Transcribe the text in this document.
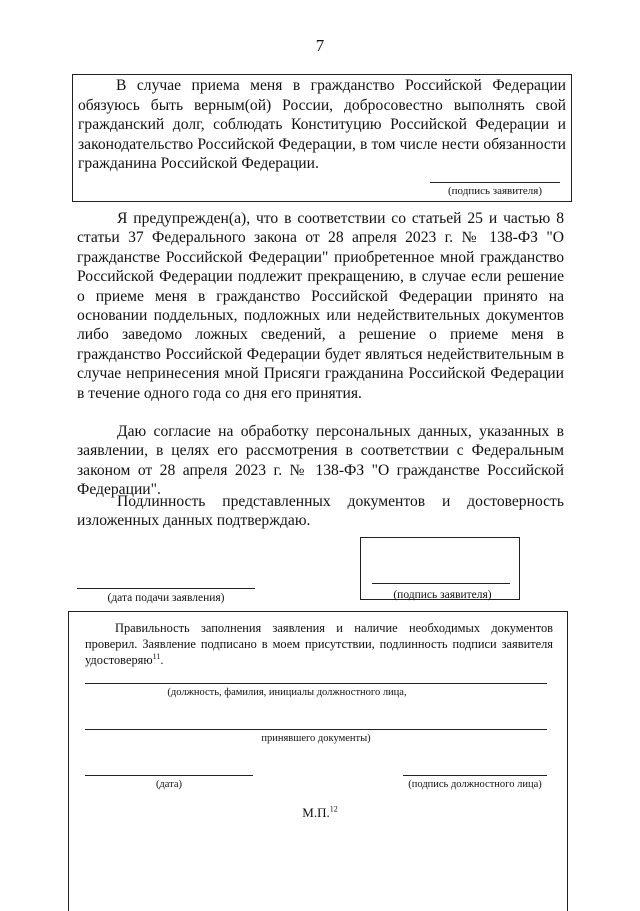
7

В случае приема меня в гражданство Российской Федерации обязуюсь быть верным(ой) России, добросовестно выполнять свой гражданский долг, соблюдать Конституцию Российской Федерации и законодательство Российской Федерации, в том числе нести обязанности гражданина Российской Федерации.

(подпись заявителя)

Я предупрежден(а), что в соответствии со статьей 25 и частью 8 статьи 37 Федерального закона от 28 апреля 2023 г. № 138-ФЗ "О гражданстве Российской Федерации" приобретенное мной гражданство Российской Федерации подлежит прекращению, в случае если решение о приеме меня в гражданство Российской Федерации принято на основании поддельных, подложных или недействительных документов либо заведомо ложных сведений, а решение о приеме меня в гражданство Российской Федерации будет являться недействительным в случае непринесения мной Присяги гражданина Российской Федерации в течение одного года со дня его принятия.

Даю согласие на обработку персональных данных, указанных в заявлении, в целях его рассмотрения в соответствии с Федеральным законом от 28 апреля 2023 г. № 138-ФЗ "О гражданстве Российской Федерации".

Подлинность представленных документов и достоверность изложенных данных подтверждаю.

(дата подачи заявления)	(подпись заявителя)

Правильность заполнения заявления и наличие необходимых документов проверил. Заявление подписано в моем присутствии, подлинность подписи заявителя удостоверяю$^{11}$.

(должность, фамилия, инициалы должностного лица,
принявшего документы)
(дата)	(подпись должностного лица)
М.П.$^{12}$
